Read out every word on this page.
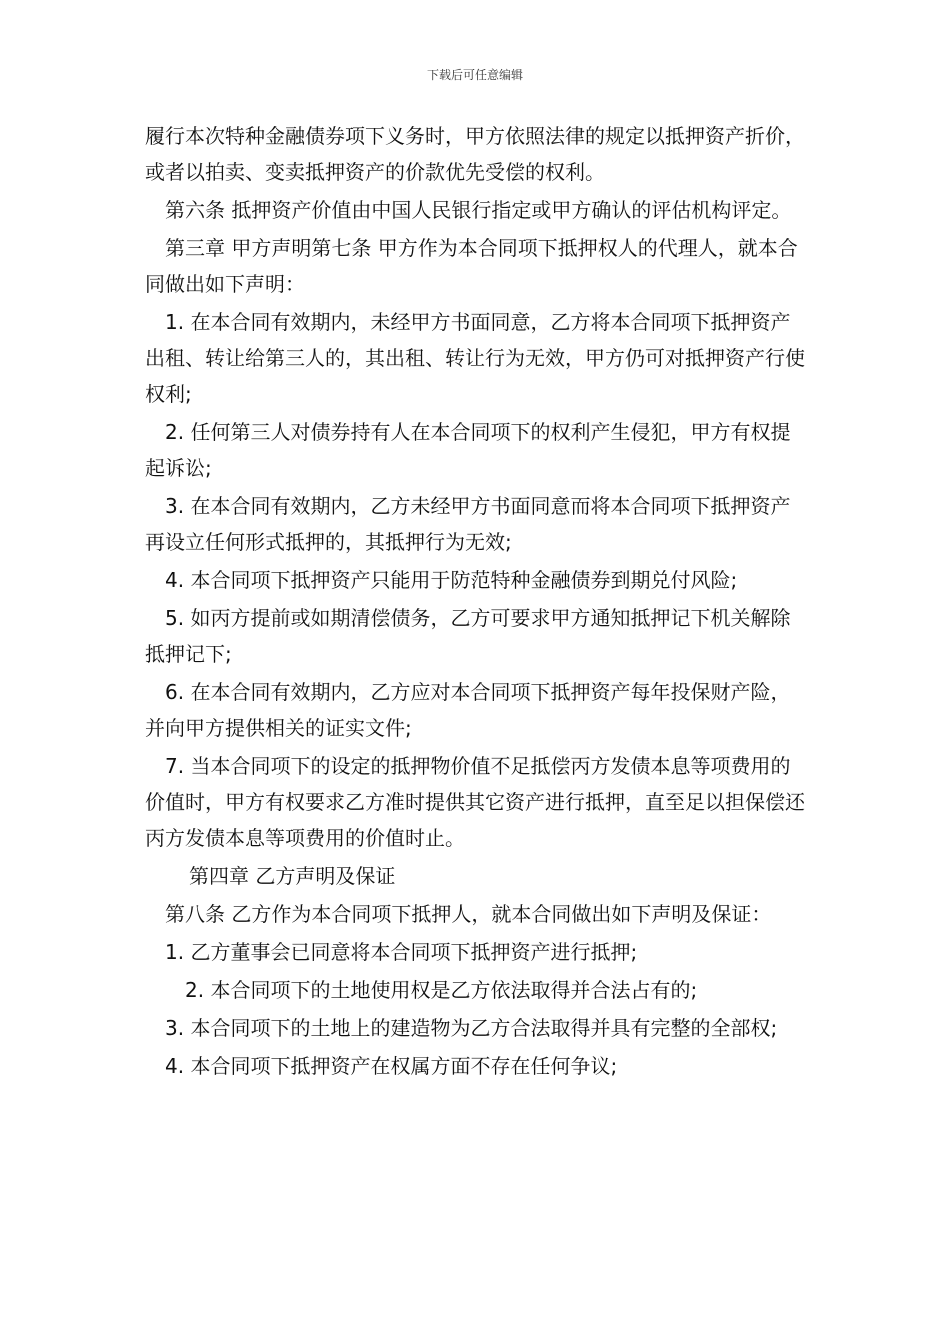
下载后可任意编辑

履行本次特种金融债券项下义务时，甲方依照法律的规定以抵押资产折价，或者以拍卖、变卖抵押资产的价款优先受偿的权利。

第六条 抵押资产价值由中国人民银行指定或甲方确认的评估机构评定。

第三章 甲方声明第七条 甲方作为本合同项下抵押权人的代理人，就本合同做出如下声明：

1. 在本合同有效期内，未经甲方书面同意，乙方将本合同项下抵押资产出租、转让给第三人的，其出租、转让行为无效，甲方仍可对抵押资产行使权利;

2. 任何第三人对债券持有人在本合同项下的权利产生侵犯，甲方有权提起诉讼;

3. 在本合同有效期内，乙方未经甲方书面同意而将本合同项下抵押资产再设立任何形式抵押的，其抵押行为无效;

4. 本合同项下抵押资产只能用于防范特种金融债券到期兑付风险;

5. 如丙方提前或如期清偿债务，乙方可要求甲方通知抵押记下机关解除抵押记下;

6. 在本合同有效期内，乙方应对本合同项下抵押资产每年投保财产险，并向甲方提供相关的证实文件;

7. 当本合同项下的设定的抵押物价值不足抵偿丙方发债本息等项费用的价值时，甲方有权要求乙方准时提供其它资产进行抵押，直至足以担保偿还丙方发债本息等项费用的价值时止。

第四章 乙方声明及保证

第八条 乙方作为本合同项下抵押人，就本合同做出如下声明及保证：

1. 乙方董事会已同意将本合同项下抵押资产进行抵押;

2. 本合同项下的土地使用权是乙方依法取得并合法占有的;

3. 本合同项下的土地上的建造物为乙方合法取得并具有完整的全部权;

4. 本合同项下抵押资产在权属方面不存在任何争议;
